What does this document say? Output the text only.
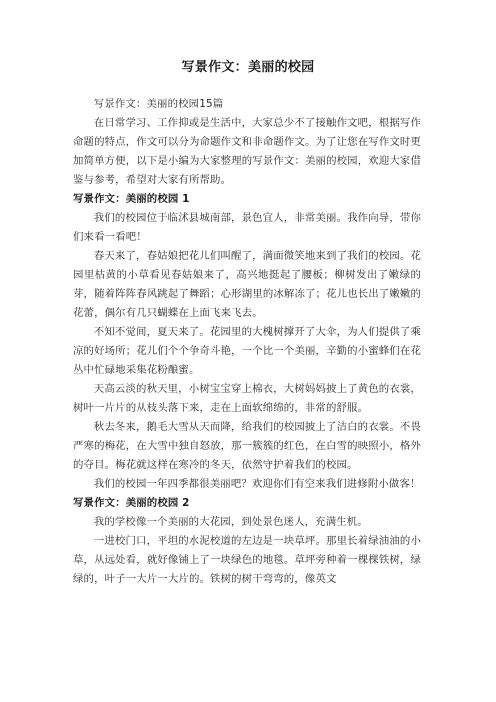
写景作文：美丽的校园

写景作文：美丽的校园15篇

在日常学习、工作抑或是生活中，大家总少不了接触作文吧，根据写作命题的特点，作文可以分为命题作文和非命题作文。为了让您在写作文时更加简单方便，以下是小编为大家整理的写景作文：美丽的校园，欢迎大家借鉴与参考，希望对大家有所帮助。

写景作文：美丽的校园 1

我们的校园位于临沭县城南部，景色宜人，非常美丽。我作向导，带你们来看一看吧！

春天来了，春姑娘把花儿们叫醒了，满面微笑地来到了我们的校园。花园里枯黄的小草看见春姑娘来了，高兴地挺起了腰板；柳树发出了嫩绿的芽，随着阵阵春风跳起了舞蹈；心形湖里的冰解冻了；花儿也长出了嫩嫩的花蕾，偶尔有几只蝴蝶在上面飞来飞去。

不知不觉间，夏天来了。花园里的大槐树撑开了大伞，为人们提供了乘凉的好场所；花儿们个个争奇斗艳，一个比一个美丽，辛勤的小蜜蜂们在花丛中忙碌地采集花粉酿蜜。

天高云淡的秋天里，小树宝宝穿上棉衣，大树妈妈披上了黄色的衣裳，树叶一片片的从枝头落下来，走在上面软绵绵的，非常的舒服。

秋去冬来，鹅毛大雪从天而降，给我们的校园披上了洁白的衣裳。不畏严寒的梅花，在大雪中独自怒放，那一簇簇的红色，在白雪的映照小，格外的夺目。梅花就这样在寒冷的冬天，依然守护着我们的校园。

我们的校园一年四季都很美丽吧？欢迎你们有空来我们进修附小做客！

写景作文：美丽的校园 2

我的学校像一个美丽的大花园，到处景色迷人，充满生机。

一进校门口，平坦的水泥校道的左边是一块草坪。那里长着绿油油的小草，从远处看，就好像铺上了一块绿色的地毯。草坪旁种着一棵棵铁树，绿绿的，叶子一大片一大片的。铁树的树干弯弯的，像英文
